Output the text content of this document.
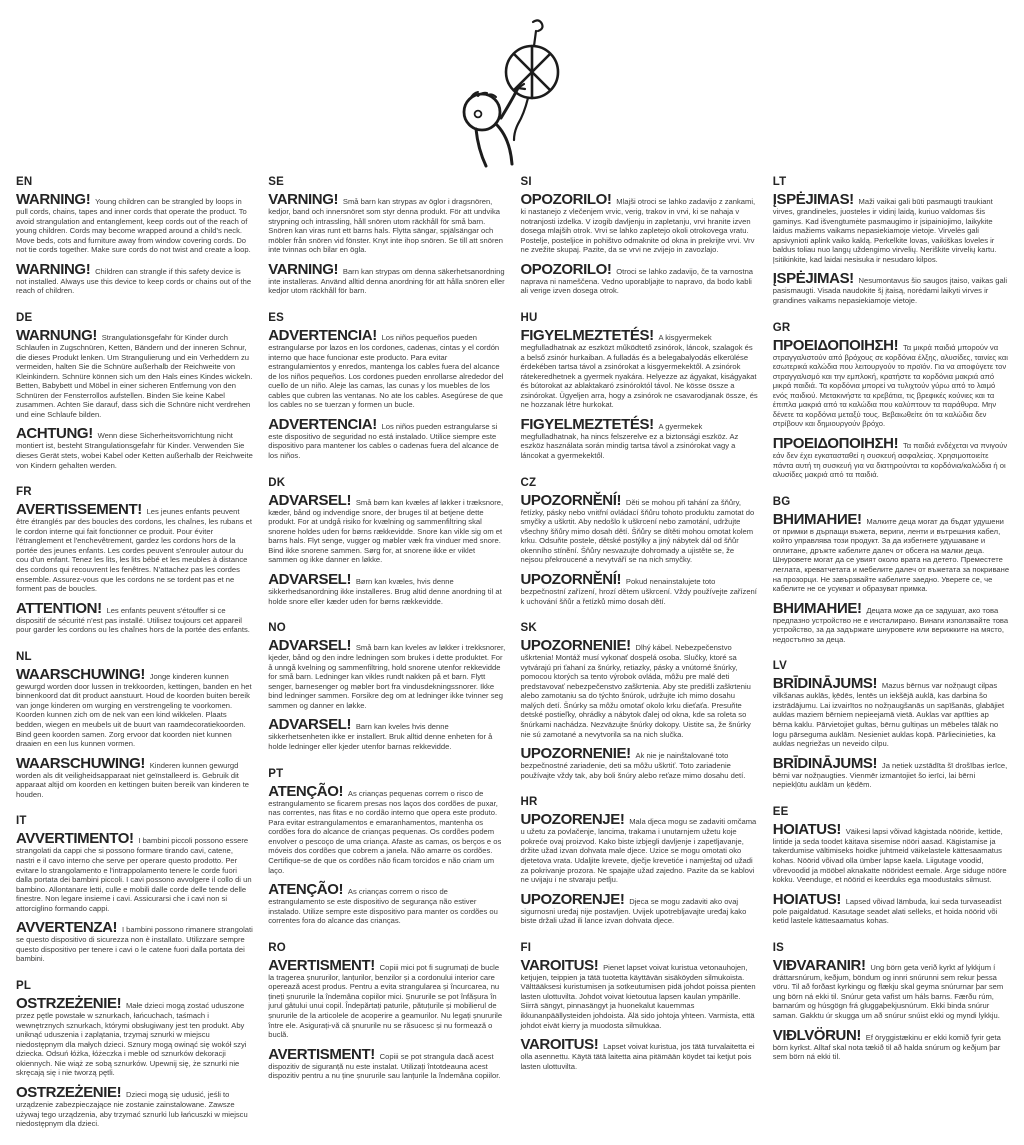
EN

WARNING! Young children can be strangled by loops in pull cords, chains, tapes and inner cords that operate the product. To avoid strangulation and entanglement, keep cords out of the reach of young children. Cords may become wrapped around a child's neck. Move beds, cots and furniture away from window covering cords. Do not tie cords together. Make sure cords do not twist and create a loop.

WARNING! Children can strangle if this safety device is not installed. Always use this device to keep cords or chains out of the reach of children.

DE

WARNUNG! Strangulationsgefahr für Kinder durch Schlaufen in Zugschnüren, Ketten, Bändern und der inneren Schnur, die dieses Produkt lenken. Um Strangulierung und ein Verheddern zu vermeiden, halten Sie die Schnüre außerhalb der Reichweite von Kleinkindern. Schnüre können sich um den Hals eines Kindes wickeln. Betten, Babybett und Möbel in einer sicheren Entfernung von den Schnüren der Fensterrollos aufstellen. Binden Sie keine Kabel zusammen. Achten Sie darauf, dass sich die Schnüre nicht verdrehen und eine Schlaufe bilden.

ACHTUNG! Wenn diese Sicherheitsvorrichtung nicht montiert ist, besteht Strangulationsgefahr für Kinder. Verwenden Sie dieses Gerät stets, wobei Kabel oder Ketten außerhalb der Reichweite von Kindern gehalten werden.

FR

AVERTISSEMENT! Les jeunes enfants peuvent être étranglés par des boucles des cordons, les chaînes, les rubans et le cordon interne qui fait fonctionner ce produit. Pour éviter l'étranglement et l'enchevêtrement, gardez les cordons hors de la portée des jeunes enfants. Les cordes peuvent s'enrouler autour du cou d'un enfant. Tenez les lits, les lits bébé et les meubles à distance des cordons qui recouvrent les fenêtres. N'attachez pas les cordes ensemble. Assurez-vous que les cordons ne se tordent pas et ne forment pas de boucles.

ATTENTION! Les enfants peuvent s'étouffer si ce dispositif de sécurité n'est pas installé. Utilisez toujours cet appareil pour garder les cordons ou les chaînes hors de la portée des enfants.

NL

WAARSCHUWING! Jonge kinderen kunnen gewurgd worden door lussen in trekkoorden, kettingen, banden en het binnenkoord dat dit product aanstuurt. Houd de koorden buiten bereik van jonge kinderen om wurging en verstrengeling te voorkomen. Koorden kunnen zich om de nek van een kind wikkelen. Plaats bedden, wiegen en meubels uit de buurt van raamdecoratiekoorden. Bind geen koorden samen. Zorg ervoor dat koorden niet kunnen draaien en een lus kunnen vormen.

WAARSCHUWING! Kinderen kunnen gewurgd worden als dit veiligheidsapparaat niet geïnstalleerd is. Gebruik dit apparaat altijd om koorden en kettingen buiten bereik van kinderen te houden.

IT

AVVERTIMENTO! I bambini piccoli possono essere strangolati da cappi che si possono formare tirando cavi, catene, nastri e il cavo interno che serve per operare questo prodotto. Per evitare lo strangolamento e l'intrappolamento tenere le corde fuori dalla portata dei bambini piccoli. I cavi possono avvolgere il collo di un bambino. Allontanare letti, culle e mobili dalle corde delle tende delle finestre. Non legare insieme i cavi. Assicurarsi che i cavi non si attorciglino formando cappi.

AVVERTENZA! I bambini possono rimanere strangolati se questo dispositivo di sicurezza non è installato. Utilizzare sempre questo dispositivo per tenere i cavi o le catene fuori dalla portata dei bambini.

PL

OSTRZEŻENIE! Małe dzieci mogą zostać uduszone przez pętle powstałe w sznurkach, łańcuchach, taśmach i wewnętrznych sznurkach, którymi obsługiwany jest ten produkt. Aby uniknąć uduszenia i zaplątania, trzymaj sznurki w miejscu niedostępnym dla małych dzieci. Sznury mogą owinąć się wokół szyi dziecka. Odsuń łóżka, łóżeczka i meble od sznurków dekoracji okiennych. Nie wiąż ze sobą sznurków. Upewnij się, że sznurki nie skręcają się i nie tworzą pętli.

OSTRZEŻENIE! Dzieci mogą się udusić, jeśli to urządzenie zabezpieczające nie zostanie zainstalowane. Zawsze używaj tego urządzenia, aby trzymać sznurki lub łańcuszki w miejscu niedostępnym dla dzieci.

SE

VARNING! Små barn kan strypas av öglor i dragsnören, kedjor, band och innersnöret som styr denna produkt. För att undvika strypning och intrassling, håll snören utom räckhåll för små barn. Snören kan viras runt ett barns hals. Flytta sängar, spjälsängar och möbler från snören vid fönster. Knyt inte ihop snören. Se till att snören inte tvinnas och bilar en ögla.

VARNING! Barn kan strypas om denna säkerhetsanordning inte installeras. Använd alltid denna anordning för att hålla snören eller kedjor utom räckhåll för barn.

ES

ADVERTENCIA! Los niños pequeños pueden estrangularse por lazos en los cordones, cadenas, cintas y el cordón interno que hace funcionar este producto. Para evitar estrangulamientos y enredos, mantenga los cables fuera del alcance de los niños pequeños. Los cordones pueden enrollarse alrededor del cuello de un niño. Aleje las camas, las cunas y los muebles de los cables que cubren las ventanas. No ate los cables. Asegúrese de que los cables no se tuerzan y formen un bucle.

ADVERTENCIA! Los niños pueden estrangularse si este dispositivo de seguridad no está instalado. Utilice siempre este dispositivo para mantener los cables o cadenas fuera del alcance de los niños.

DK

ADVARSEL! Små børn kan kvæles af løkker i træksnore, kæder, bånd og indvendige snore, der bruges til at betjene dette produkt. For at undgå risiko for kvælning og sammenfiltring skal snorene holdes uden for børns rækkevidde. Snore kan vikle sig om et barns hals. Flyt senge, vugger og møbler væk fra vinduer med snore. Bind ikke snorene sammen. Sørg for, at snorene ikke er viklet sammen og ikke danner en løkke.

ADVARSEL! Børn kan kvæles, hvis denne sikkerhedsanordning ikke installeres. Brug altid denne anordning til at holde snore eller kæder uden for børns rækkevidde.

NO

ADVARSEL! Små barn kan kveles av løkker i trekksnorer, kjeder, bånd og den indre ledningen som brukes i dette produktet. For å unngå kvelning og sammenfiltring, hold snorene utenfor rekkevidde for små barn. Ledninger kan vikles rundt nakken på et barn. Flytt senger, barnesenger og møbler bort fra vindusdekningssnorer. Ikke bind ledninger sammen. Forsikre deg om at ledninger ikke tvinner seg sammen og danner en løkke.

ADVARSEL! Barn kan kveles hvis denne sikkerhetsenheten ikke er installert. Bruk alltid denne enheten for å holde ledninger eller kjeder utenfor barnas rekkevidde.

PT

ATENÇÃO! As crianças pequenas correm o risco de estrangulamento se ficarem presas nos laços dos cordões de puxar, nas correntes, nas fitas e no cordão interno que opera este produto. Para evitar estrangulamentos e emaranhamentos, mantenha os cordões fora do alcance de crianças pequenas. Os cordões podem envolver o pescoço de uma criança. Afaste as camas, os berços e os móveis dos cordões que cobrem a janela. Não amarre os cordões. Certifique-se de que os cordões não ficam torcidos e não criam um laço.

ATENÇÃO! As crianças correm o risco de estrangulamento se este dispositivo de segurança não estiver instalado. Utilize sempre este dispositivo para manter os cordões ou correntes fora do alcance das crianças.

RO

AVERTISMENT! Copiii mici pot fi sugrumați de bucle la tragerea șnururilor, lanțurilor, benzilor și a cordonului interior care operează acest produs. Pentru a evita strangularea și încurcarea, nu țineți șnururile la îndemâna copiilor mici. Șnururile se pot înfășura în jurul gâtului unui copil. Îndepărtați paturile, pătuțurile și mobilierul de șnururile de la articolele de acoperire a geamurilor. Nu legați șnururile între ele. Asigurați-vă că șnururile nu se răsucesc și nu formează o buclă.

AVERTISMENT! Copiii se pot strangula dacă acest dispozitiv de siguranță nu este instalat. Utilizați întotdeauna acest dispozitiv pentru a nu ține șnururile sau lanțurile la îndemâna copiilor.

SI

OPOZORILO! Mlajši otroci se lahko zadavijo z zankami, ki nastanejo z vlečenjem vrvic, verig, trakov in vrvi, ki se nahaja v notranjosti izdelka. V izogib davljenju in zapletanju, vrvi hranite izven dosega mlajših otrok. Vrvi se lahko zapletejo okoli otrokovega vratu. Postelje, posteljice in pohištvo odmaknite od okna in prekrijte vrvi. Vrv ne zvežite skupaj. Pazite, da se vrvi ne zvijejo in zavozlajo.

OPOZORILO! Otroci se lahko zadavijo, če ta varnostna naprava ni nameščena. Vedno uporabljajte to napravo, da bodo kabli ali verige izven dosega otrok.

HU

FIGYELMEZTETÉS! A kisgyermekek megfulladhatnak az eszközt működtető zsinórok, láncok, szalagok és a belső zsinór hurkaiban. A fulladás és a belegabalyodás elkerülése érdekében tartsa távol a zsinórokat a kisgyermekektől. A zsinórok rátekeredhetnek a gyermek nyakára. Helyezze az ágyakat, kiságyakat és bútorokat az ablaktakaró zsinóroktól távol. Ne kösse össze a zsinórokat. Ügyeljen arra, hogy a zsinórok ne csavarodjanak össze, és ne hozzanak létre hurkokat.

FIGYELMEZTETÉS! A gyermekek megfulladhatnak, ha nincs felszerelve ez a biztonsági eszköz. Az eszköz használata során mindig tartsa távol a zsinórokat vagy a láncokat a gyermekektől.

CZ

UPOZORNĚNÍ! Děti se mohou při tahání za šňůry, řetízky, pásky nebo vnitřní ovládací šňůru tohoto produktu zamotat do smyčky a uškrtit. Aby nedošlo k uškrcení nebo zamotání, udržujte všechny šňůry mimo dosah dětí. Šňůry se dítěti mohou omotat kolem krku. Odsuňte postele, dětské postýlky a jiný nábytek dál od šňůr okenního stínění. Šňůry nesvazujte dohromady a ujistěte se, že nejsou překroucené a nevytváří se na nich smyčky.

UPOZORNĚNÍ! Pokud nenainstalujete toto bezpečnostní zařízení, hrozí dětem uškrcení. Vždy používejte zařízení k uchování šňůr a řetízků mimo dosah dětí.

SK

UPOZORNENIE! Dlhý kábel. Nebezpečenstvo uškrtenia! Montáž musí vykonať dospelá osoba. Slučky, ktoré sa vytvárajú pri ťahaní za šnúrky, retiazky, pásky a vnútorné šnúrky, pomocou ktorých sa tento výrobok ovláda, môžu pre malé deti predstavovať nebezpečenstvo zaškrtenia. Aby ste predišli zaškrteniu alebo zamotaniu sa do týchto šnúrok, udržujte ich mimo dosahu malých detí. Šnúrky sa môžu omotať okolo krku dieťaťa. Presuňte detské postieľky, ohrádky a nábytok ďalej od okna, kde sa roleta so šnúrkami nachádza. Nezväzujte šnúrky dokopy. Uistite sa, že šnúrky nie sú zamotané a nevytvorila sa na nich slučka.

UPOZORNENIE! Ak nie je nainštalované toto bezpečnostné zariadenie, deti sa môžu uškrtiť. Toto zariadenie používajte vždy tak, aby boli šnúry alebo reťaze mimo dosahu detí.

HR

UPOZORENJE! Mala djeca mogu se zadaviti omčama u užetu za povlačenje, lancima, trakama i unutarnjem užetu koje pokreće ovaj proizvod. Kako biste izbjegli davljenje i zapetljavanje, držite užad izvan dohvata male djece. Uzice se mogu omotati oko djetetova vrata. Udaljite krevete, dječje krevetiće i namještaj od užadi za pokrivanje prozora. Ne spajajte užad zajedno. Pazite da se kablovi ne uvijaju i ne stvaraju petlju.

UPOZORENJE! Djeca se mogu zadaviti ako ovaj sigurnosni uređaj nije postavljen. Uvijek upotrebljavajte uređaj kako biste držali užad ili lance izvan dohvata djece.

FI

VAROITUS! Pienet lapset voivat kuristua vetonauhojen, ketjujen, teippien ja tätä tuotetta käyttävän sisäköyden silmukoista. Välttääksesi kuristumisen ja sotkeutumisen pidä johdot poissa pienten lasten ulottuvilta. Johdot voivat kietoutua lapsen kaulan ympärille. Siirrä sängyt, pinnasängyt ja huonekalut kauemmas ikkunanpäällysteiden johdoista. Älä sido johtoja yhteen. Varmista, että johdot eivät kierry ja muodosta silmukkaa.

VAROITUS! Lapset voivat kuristua, jos tätä turvalaitetta ei olla asennettu. Käytä tätä laitetta aina pitämään köydet tai ketjut pois lasten ulottuvilta.

LT

ĮSPĖJIMAS! Maži vaikai gali būti pasmaugti traukiant virves, grandineles, juosteles ir vidinį laidą, kuriuo valdomas šis gaminys. Kad išvengtumėte pasmaugimo ir įsipainiojimo, laikykite laidus mažiems vaikams nepasiekiamoje vietoje. Virvelės gali apsivynioti aplink vaiko kaklą. Perkelkite lovas, vaikiškas loveles ir baldus toliau nuo langų uždengimo virvelių. Neriškite virvelių kartu. Įsitikinkite, kad laidai nesisuka ir nesudaro kilpos.

ĮSPĖJIMAS! Nesumontavus šio saugos įtaiso, vaikas gali pasismaugti. Visada naudokite šį įtaisą, norėdami laikyti virves ir grandines vaikams nepasiekiamoje vietoje.

GR

ΠΡΟΕΙΔΟΠΟΙΗΣΗ! Τα μικρά παιδιά μπορούν να στραγγαλιστούν από βρόχους σε κορδόνια έλξης, αλυσίδες, ταινίες και εσωτερικά καλώδια που λειτουργούν το προϊόν. Για να αποφύγετε τον στραγγαλισμό και την εμπλοκή, κρατήστε τα κορδόνια μακριά από μικρά παιδιά. Τα κορδόνια μπορεί να τυλιχτούν γύρω από το λαιμό ενός παιδιού. Μετακινήστε τα κρεβάτια, τις βρεφικές κούνιες και τα έπιπλα μακριά από τα καλώδια που καλύπτουν τα παράθυρα. Μην δένετε τα κορδόνια μεταξύ τους. Βεβαιωθείτε ότι τα καλώδια δεν στρίβουν και δημιουργούν βρόχο.

ΠΡΟΕΙΔΟΠΟΙΗΣΗ! Τα παιδιά ενδέχεται να πνιγούν εάν δεν έχει εγκατασταθεί η συσκευή ασφαλείας. Χρησιμοποιείτε πάντα αυτή τη συσκευή για να διατηρούνται τα κορδόνια/καλώδια ή οι αλυσίδες μακριά από τα παιδιά.

BG

ВНИМАНИЕ! Малките деца могат да бъдат удушени от примки в дърпащи въжета, вериги, ленти и вътрешния кабел, който управлява този продукт. За да избегнете удушаване и оплитане, дръжте кабелите далеч от обсега на малки деца. Шнуровете могат да се увият около врата на детето. Преместете леглата, креватчетата и мебелите далеч от въжетата за покриване на прозорци. Не завързвайте кабелите заедно. Уверете се, че кабелите не се усукват и образуват примка.

ВНИМАНИЕ! Децата може да се задушат, ако това предпазно устройство не е инсталирано. Винаги използвайте това устройство, за да задържате шнуровете или верижките на място, недостъпно за деца.

LV

BRĪDINĀJUMS! Mazus bērnus var nožņaugt cilpas vilkšanas auklās, ķēdēs, lentēs un iekšējā auklā, kas darbina šo izstrādājumu. Lai izvairītos no nožņaugšanās un sapīšanās, glabājiet auklas maziem bērniem nepieejamā vietā. Auklas var aptīties ap bērna kaklu. Pārvietojiet gultas, bērnu gultiņas un mēbeles tālāk no logu pārseguma auklām. Nesieniet auklas kopā. Pārliecinieties, ka auklas negriežas un neveido cilpu.

BRĪDINĀJUMS! Ja netiek uzstādīta šī drošības ierīce, bērni var nožņaugties. Vienmēr izmantojiet šo ierīci, lai bērni nepiekļūtu auklām un ķēdēm.

EE

HOIATUS! Väikesi lapsi võivad kägistada nööride, kettide, lintide ja seda toodet käitava sisemise nööri aasad. Kägistamise ja takerdumise vältimiseks hoidke juhtmeid väikelastele kättesaamatus kohas. Nöörid võivad olla ümber lapse kaela. Liigutage voodid, võrevoodid ja mööbel aknakatte nööridest eemale. Ärge siduge nööre kokku. Veenduge, et nöörid ei keerduks ega moodustaks silmust.

HOIATUS! Lapsed võivad lämbuda, kui seda turvaseadist pole paigaldatud. Kasutage seadet alati selleks, et hoida nöörid või ketid lastele kättesaamatus kohas.

IS

VIÐVARANIR! Ung börn geta verið kyrkt af lykkjum í dráttarsnúrum, keðjum, böndum og innri snúrunni sem rekur þessa vöru. Til að forðast kyrkingu og flækju skal geyma snúrurnar þar sem ung börn ná ekki til. Snúrur geta vafist um háls barns. Færðu rúm, barnarúm og húsgögn frá gluggaþekjusnúrum. Ekki binda snúrur saman. Gakktu úr skugga um að snúrur snúist ekki og myndi lykkju.

VIÐLVÖRUN! Ef öryggistækinu er ekki komið fyrir geta börn kyrkst. Alltaf skal nota tækið til að halda snúrum og keðjum þar sem börn ná ekki til.
